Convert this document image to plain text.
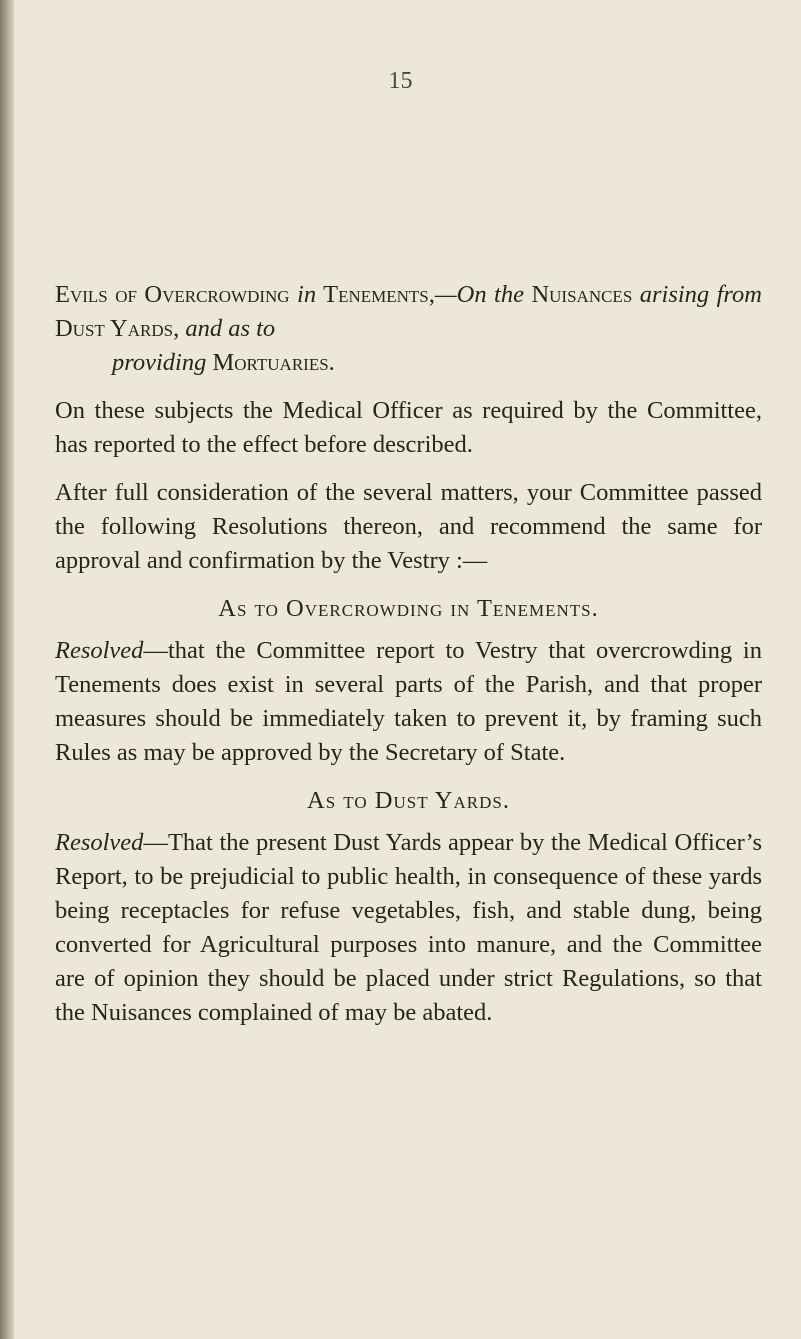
15
Evils of Overcrowding in Tenements,—On the Nuisances arising from Dust Yards, and as to
providing Mortuaries.

On these subjects the Medical Officer as required by the Committee, has reported to the effect before described.

After full consideration of the several matters, your Committee passed the following Resolutions thereon, and recommend the same for approval and confirmation by the Vestry :—

As to Overcrowding in Tenements.

Resolved—that the Committee report to Vestry that overcrowding in Tenements does exist in several parts of the Parish, and that proper measures should be immediately taken to prevent it, by framing such Rules as may be approved by the Secretary of State.

As to Dust Yards.

Resolved—That the present Dust Yards appear by the Medical Officer’s Report, to be prejudicial to public health, in consequence of these yards being receptacles for refuse vegetables, fish, and stable dung, being converted for Agricultural purposes into manure, and the Committee are of opinion they should be placed under strict Regulations, so that the Nuisances complained of may be abated.
